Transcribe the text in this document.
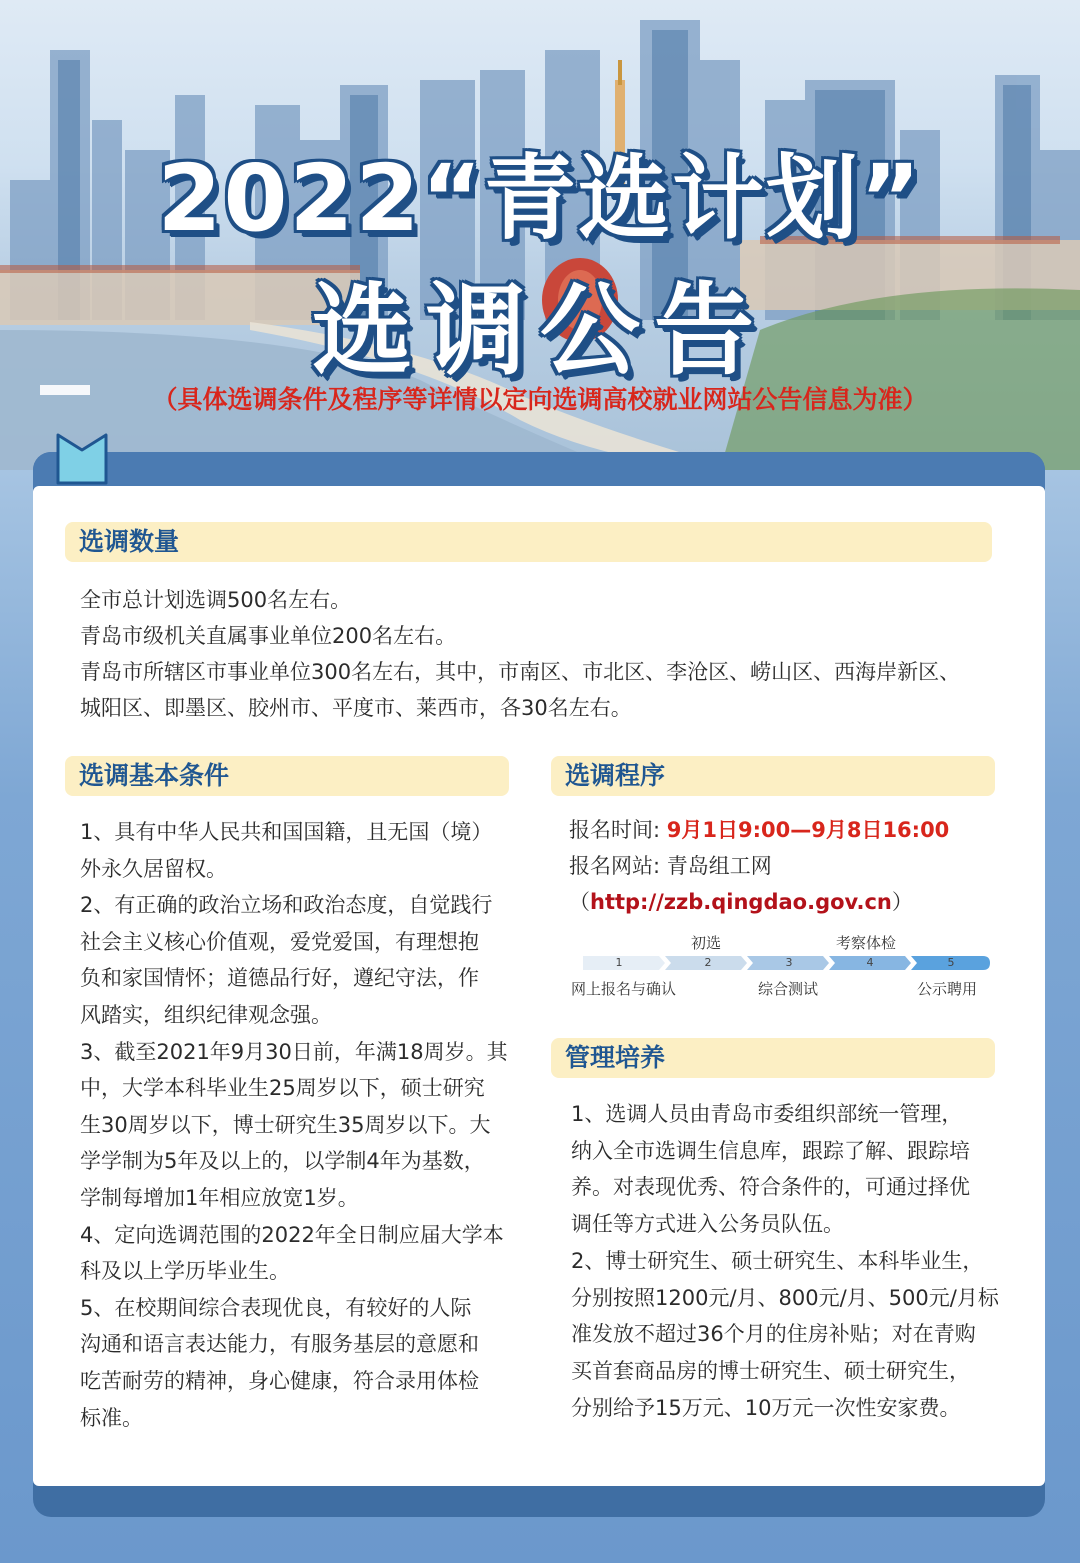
2022“青选计划”
选调公告
（具体选调条件及程序等详情以定向选调高校就业网站公告信息为准）
选调数量

全市总计划选调500名左右。

青岛市级机关直属事业单位200名左右。

青岛市所辖区市事业单位300名左右，其中，市南区、市北区、李沧区、崂山区、西海岸新区、

城阳区、即墨区、胶州市、平度市、莱西市，各30名左右。

选调基本条件

1、具有中华人民共和国国籍，且无国（境）

外永久居留权。

2、有正确的政治立场和政治态度，自觉践行

社会主义核心价值观，爱党爱国，有理想抱

负和家国情怀；道德品行好，遵纪守法，作

风踏实，组织纪律观念强。

3、截至2021年9月30日前，年满18周岁。其

中，大学本科毕业生25周岁以下，硕士研究

生30周岁以下，博士研究生35周岁以下。大

学学制为5年及以上的，以学制4年为基数，

学制每增加1年相应放宽1岁。

4、定向选调范围的2022年全日制应届大学本

科及以上学历毕业生。

5、在校期间综合表现优良，有较好的人际

沟通和语言表达能力，有服务基层的意愿和

吃苦耐劳的精神，身心健康，符合录用体检

标准。

选调程序

报名时间: 9月1日9:00—9月8日16:00

报名网站: 青岛组工网

（http://zzb.qingdao.gov.cn）

初选	考察体检
1	2	3	4	5
网上报名与确认	综合测试	公示聘用
管理培养

1、选调人员由青岛市委组织部统一管理，

纳入全市选调生信息库，跟踪了解、跟踪培

养。对表现优秀、符合条件的，可通过择优

调任等方式进入公务员队伍。

2、博士研究生、硕士研究生、本科毕业生，

分别按照1200元/月、800元/月、500元/月标

准发放不超过36个月的住房补贴；对在青购

买首套商品房的博士研究生、硕士研究生，

分别给予15万元、10万元一次性安家费。
